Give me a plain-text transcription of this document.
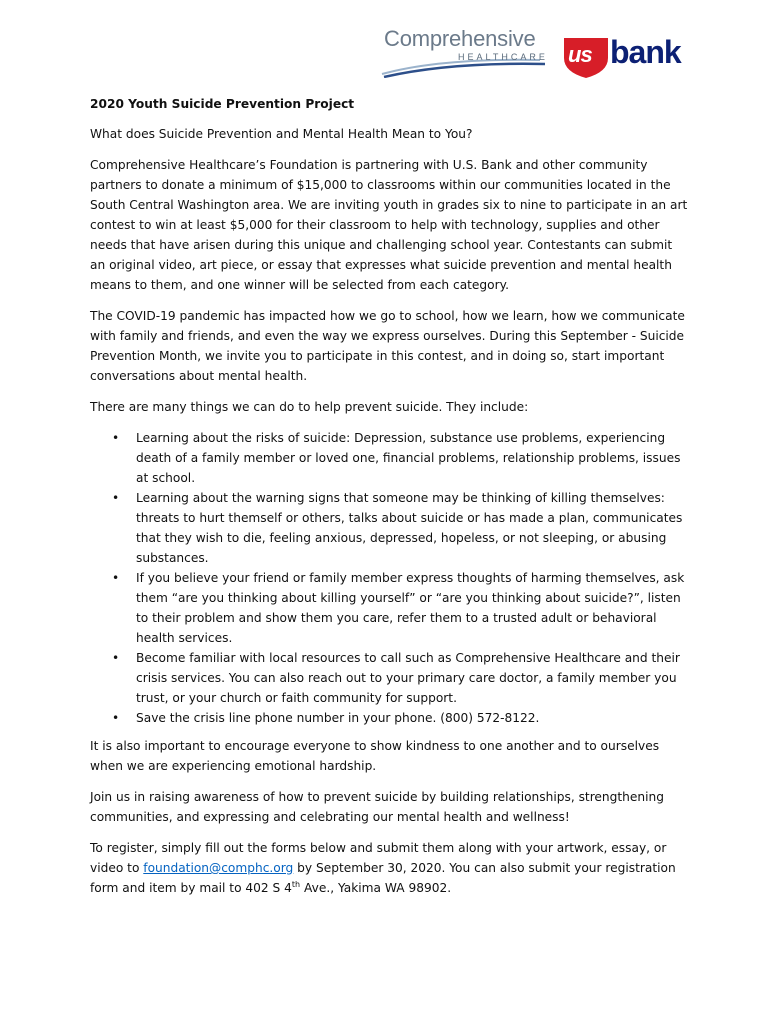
Comprehensive
HEALTHCARE us bank

2020 Youth Suicide Prevention Project

What does Suicide Prevention and Mental Health Mean to You?

Comprehensive Healthcare’s Foundation is partnering with U.S. Bank and other community partners to donate a minimum of $15,000 to classrooms within our communities located in the South Central Washington area. We are inviting youth in grades six to nine to participate in an art contest to win at least $5,000 for their classroom to help with technology, supplies and other needs that have arisen during this unique and challenging school year. Contestants can submit an original video, art piece, or essay that expresses what suicide prevention and mental health means to them, and one winner will be selected from each category.

The COVID-19 pandemic has impacted how we go to school, how we learn, how we communicate with family and friends, and even the way we express ourselves. During this September - Suicide Prevention Month, we invite you to participate in this contest, and in doing so, start important conversations about mental health.

There are many things we can do to help prevent suicide. They include:

• Learning about the risks of suicide: Depression, substance use problems, experiencing death of a family member or loved one, financial problems, relationship problems, issues at school.
• Learning about the warning signs that someone may be thinking of killing themselves: threats to hurt themself or others, talks about suicide or has made a plan, communicates that they wish to die, feeling anxious, depressed, hopeless, or not sleeping, or abusing substances.
• If you believe your friend or family member express thoughts of harming themselves, ask them “are you thinking about killing yourself” or “are you thinking about suicide?”, listen to their problem and show them you care, refer them to a trusted adult or behavioral health services.
• Become familiar with local resources to call such as Comprehensive Healthcare and their crisis services. You can also reach out to your primary care doctor, a family member you trust, or your church or faith community for support.
• Save the crisis line phone number in your phone. (800) 572-8122.

It is also important to encourage everyone to show kindness to one another and to ourselves when we are experiencing emotional hardship.

Join us in raising awareness of how to prevent suicide by building relationships, strengthening communities, and expressing and celebrating our mental health and wellness!

To register, simply fill out the forms below and submit them along with your artwork, essay, or video to foundation@comphc.org by September 30, 2020. You can also submit your registration form and item by mail to 402 S 4th Ave., Yakima WA 98902.
